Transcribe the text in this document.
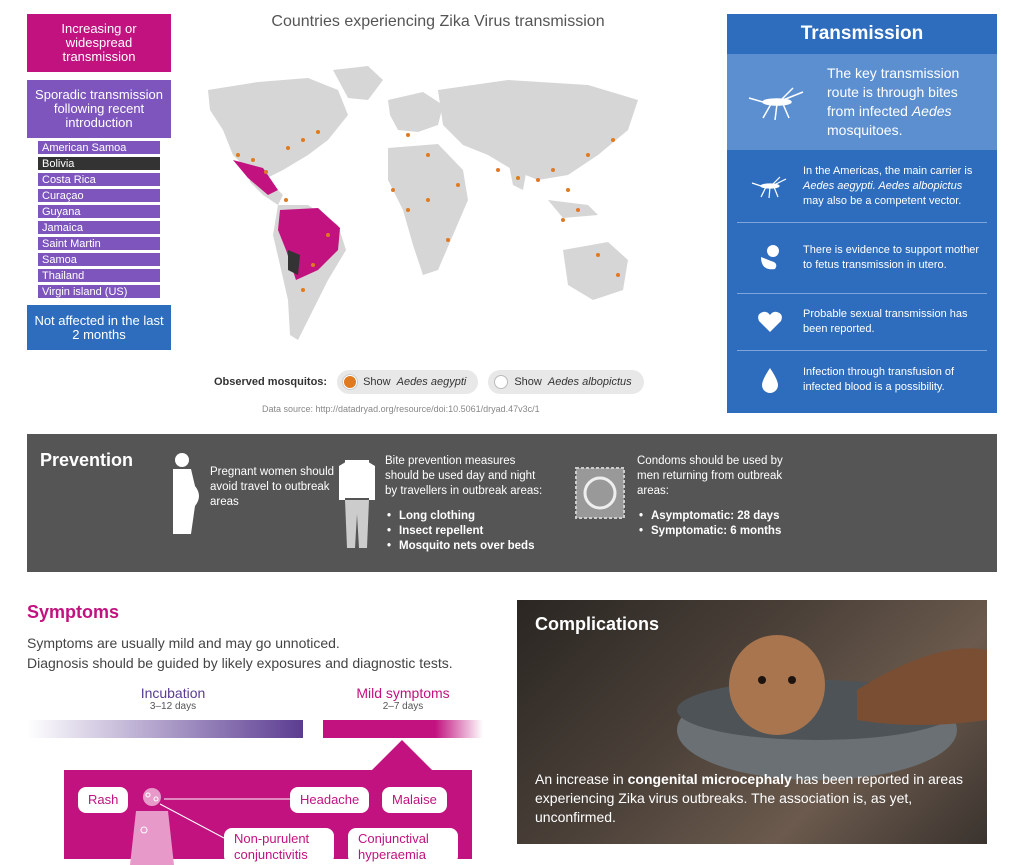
Increasing or widespread transmission
Sporadic transmission following recent introduction
American Samoa
Bolivia
Costa Rica
Curaçao
Guyana
Jamaica
Saint Martin
Samoa
Thailand
Virgin island (US)
Not affected in the last 2 months
Countries experiencing Zika Virus transmission
Observed mosquitos:	Show Aedes aegypti	Show Aedes albopictus
Data source: http://datadryad.org/resource/doi:10.5061/dryad.47v3c/1
Transmission
The key transmission route is through bites from infected Aedes mosquitoes.
In the Americas, the main carrier is Aedes aegypti. Aedes albopictus may also be a competent vector.
There is evidence to support mother to fetus transmission in utero.
Probable sexual transmission has been reported.
Infection through transfusion of infected blood is a possibility.
Prevention
Pregnant women should avoid travel to outbreak areas
Bite prevention measures should be used day and night by travellers in outbreak areas:
• Long clothing
• Insect repellent
• Mosquito nets over beds
Condoms should be used by men returning from outbreak areas:
• Asymptomatic: 28 days
• Symptomatic: 6 months
Symptoms
Symptoms are usually mild and may go unnoticed.
Diagnosis should be guided by likely exposures and diagnostic tests.
Incubation
3–12 days
Mild symptoms
2–7 days
Rash	Headache	Malaise
Non-purulent conjunctivitis
Conjunctival hyperaemia
Complications
An increase in congenital microcephaly has been reported in areas experiencing Zika virus outbreaks. The association is, as yet, unconfirmed.
